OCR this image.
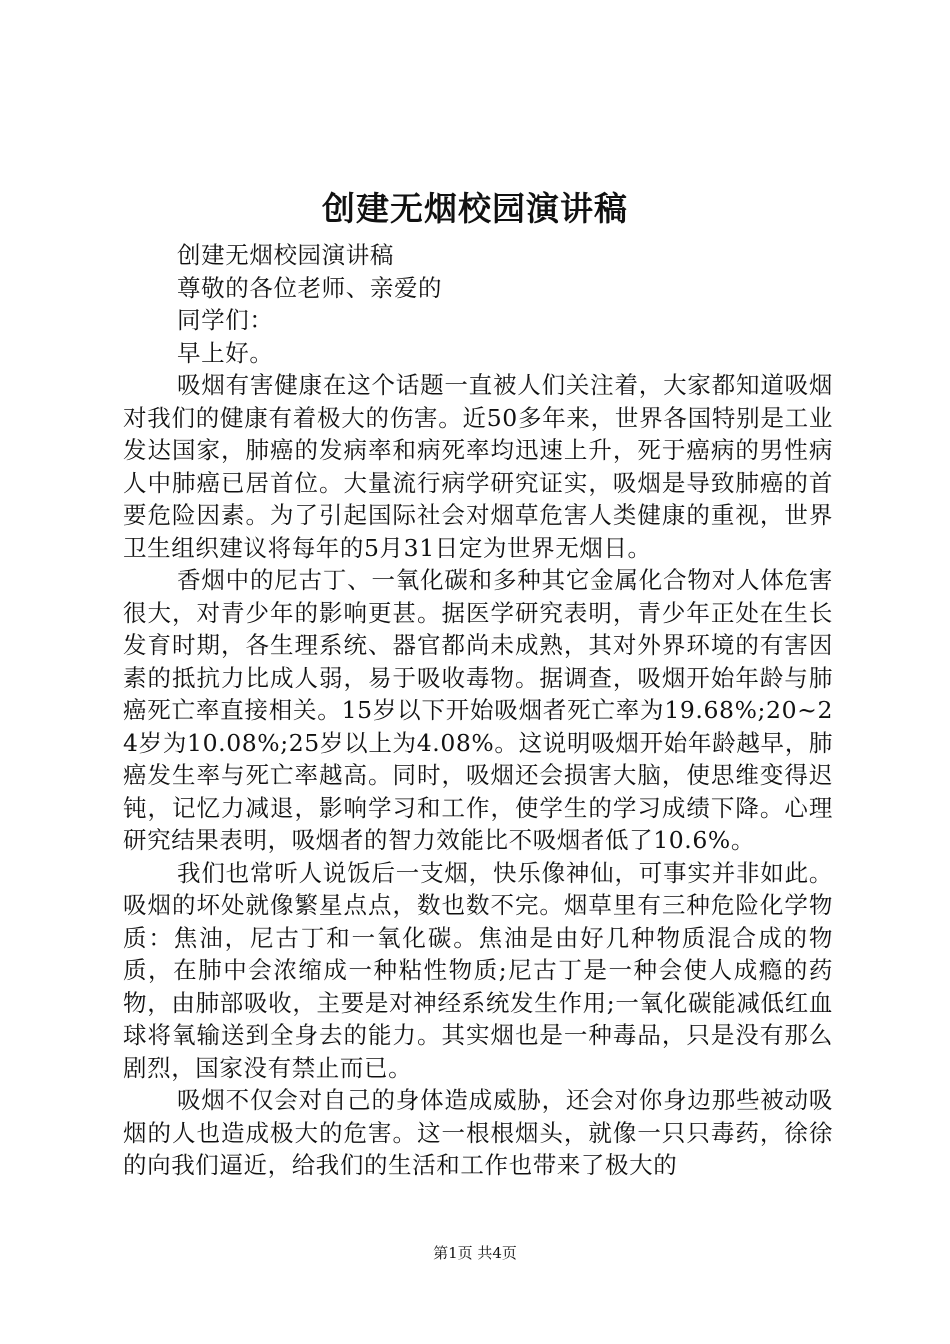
创建无烟校园演讲稿

创建无烟校园演讲稿

尊敬的各位老师、亲爱的

同学们：

早上好。

吸烟有害健康在这个话题一直被人们关注着，大家都知道吸烟对我们的健康有着极大的伤害。近50多年来，世界各国特别是工业发达国家，肺癌的发病率和病死率均迅速上升，死于癌病的男性病人中肺癌已居首位。大量流行病学研究证实，吸烟是导致肺癌的首要危险因素。为了引起国际社会对烟草危害人类健康的重视，世界卫生组织建议将每年的5月31日定为世界无烟日。

香烟中的尼古丁、一氧化碳和多种其它金属化合物对人体危害很大，对青少年的影响更甚。据医学研究表明，青少年正处在生长发育时期，各生理系统、器官都尚未成熟，其对外界环境的有害因素的抵抗力比成人弱，易于吸收毒物。据调查，吸烟开始年龄与肺癌死亡率直接相关。15岁以下开始吸烟者死亡率为19.68%;20~24岁为10.08%;25岁以上为4.08%。这说明吸烟开始年龄越早，肺癌发生率与死亡率越高。同时，吸烟还会损害大脑，使思维变得迟钝，记忆力减退，影响学习和工作，使学生的学习成绩下降。心理研究结果表明，吸烟者的智力效能比不吸烟者低了10.6%。

我们也常听人说饭后一支烟，快乐像神仙，可事实并非如此。吸烟的坏处就像繁星点点，数也数不完。烟草里有三种危险化学物质：焦油，尼古丁和一氧化碳。焦油是由好几种物质混合成的物质，在肺中会浓缩成一种粘性物质;尼古丁是一种会使人成瘾的药物，由肺部吸收，主要是对神经系统发生作用;一氧化碳能减低红血球将氧输送到全身去的能力。其实烟也是一种毒品，只是没有那么剧烈，国家没有禁止而已。

吸烟不仅会对自己的身体造成威胁，还会对你身边那些被动吸烟的人也造成极大的危害。这一根根烟头，就像一只只毒药，徐徐的向我们逼近，给我们的生活和工作也带来了极大的

第1页 共4页
